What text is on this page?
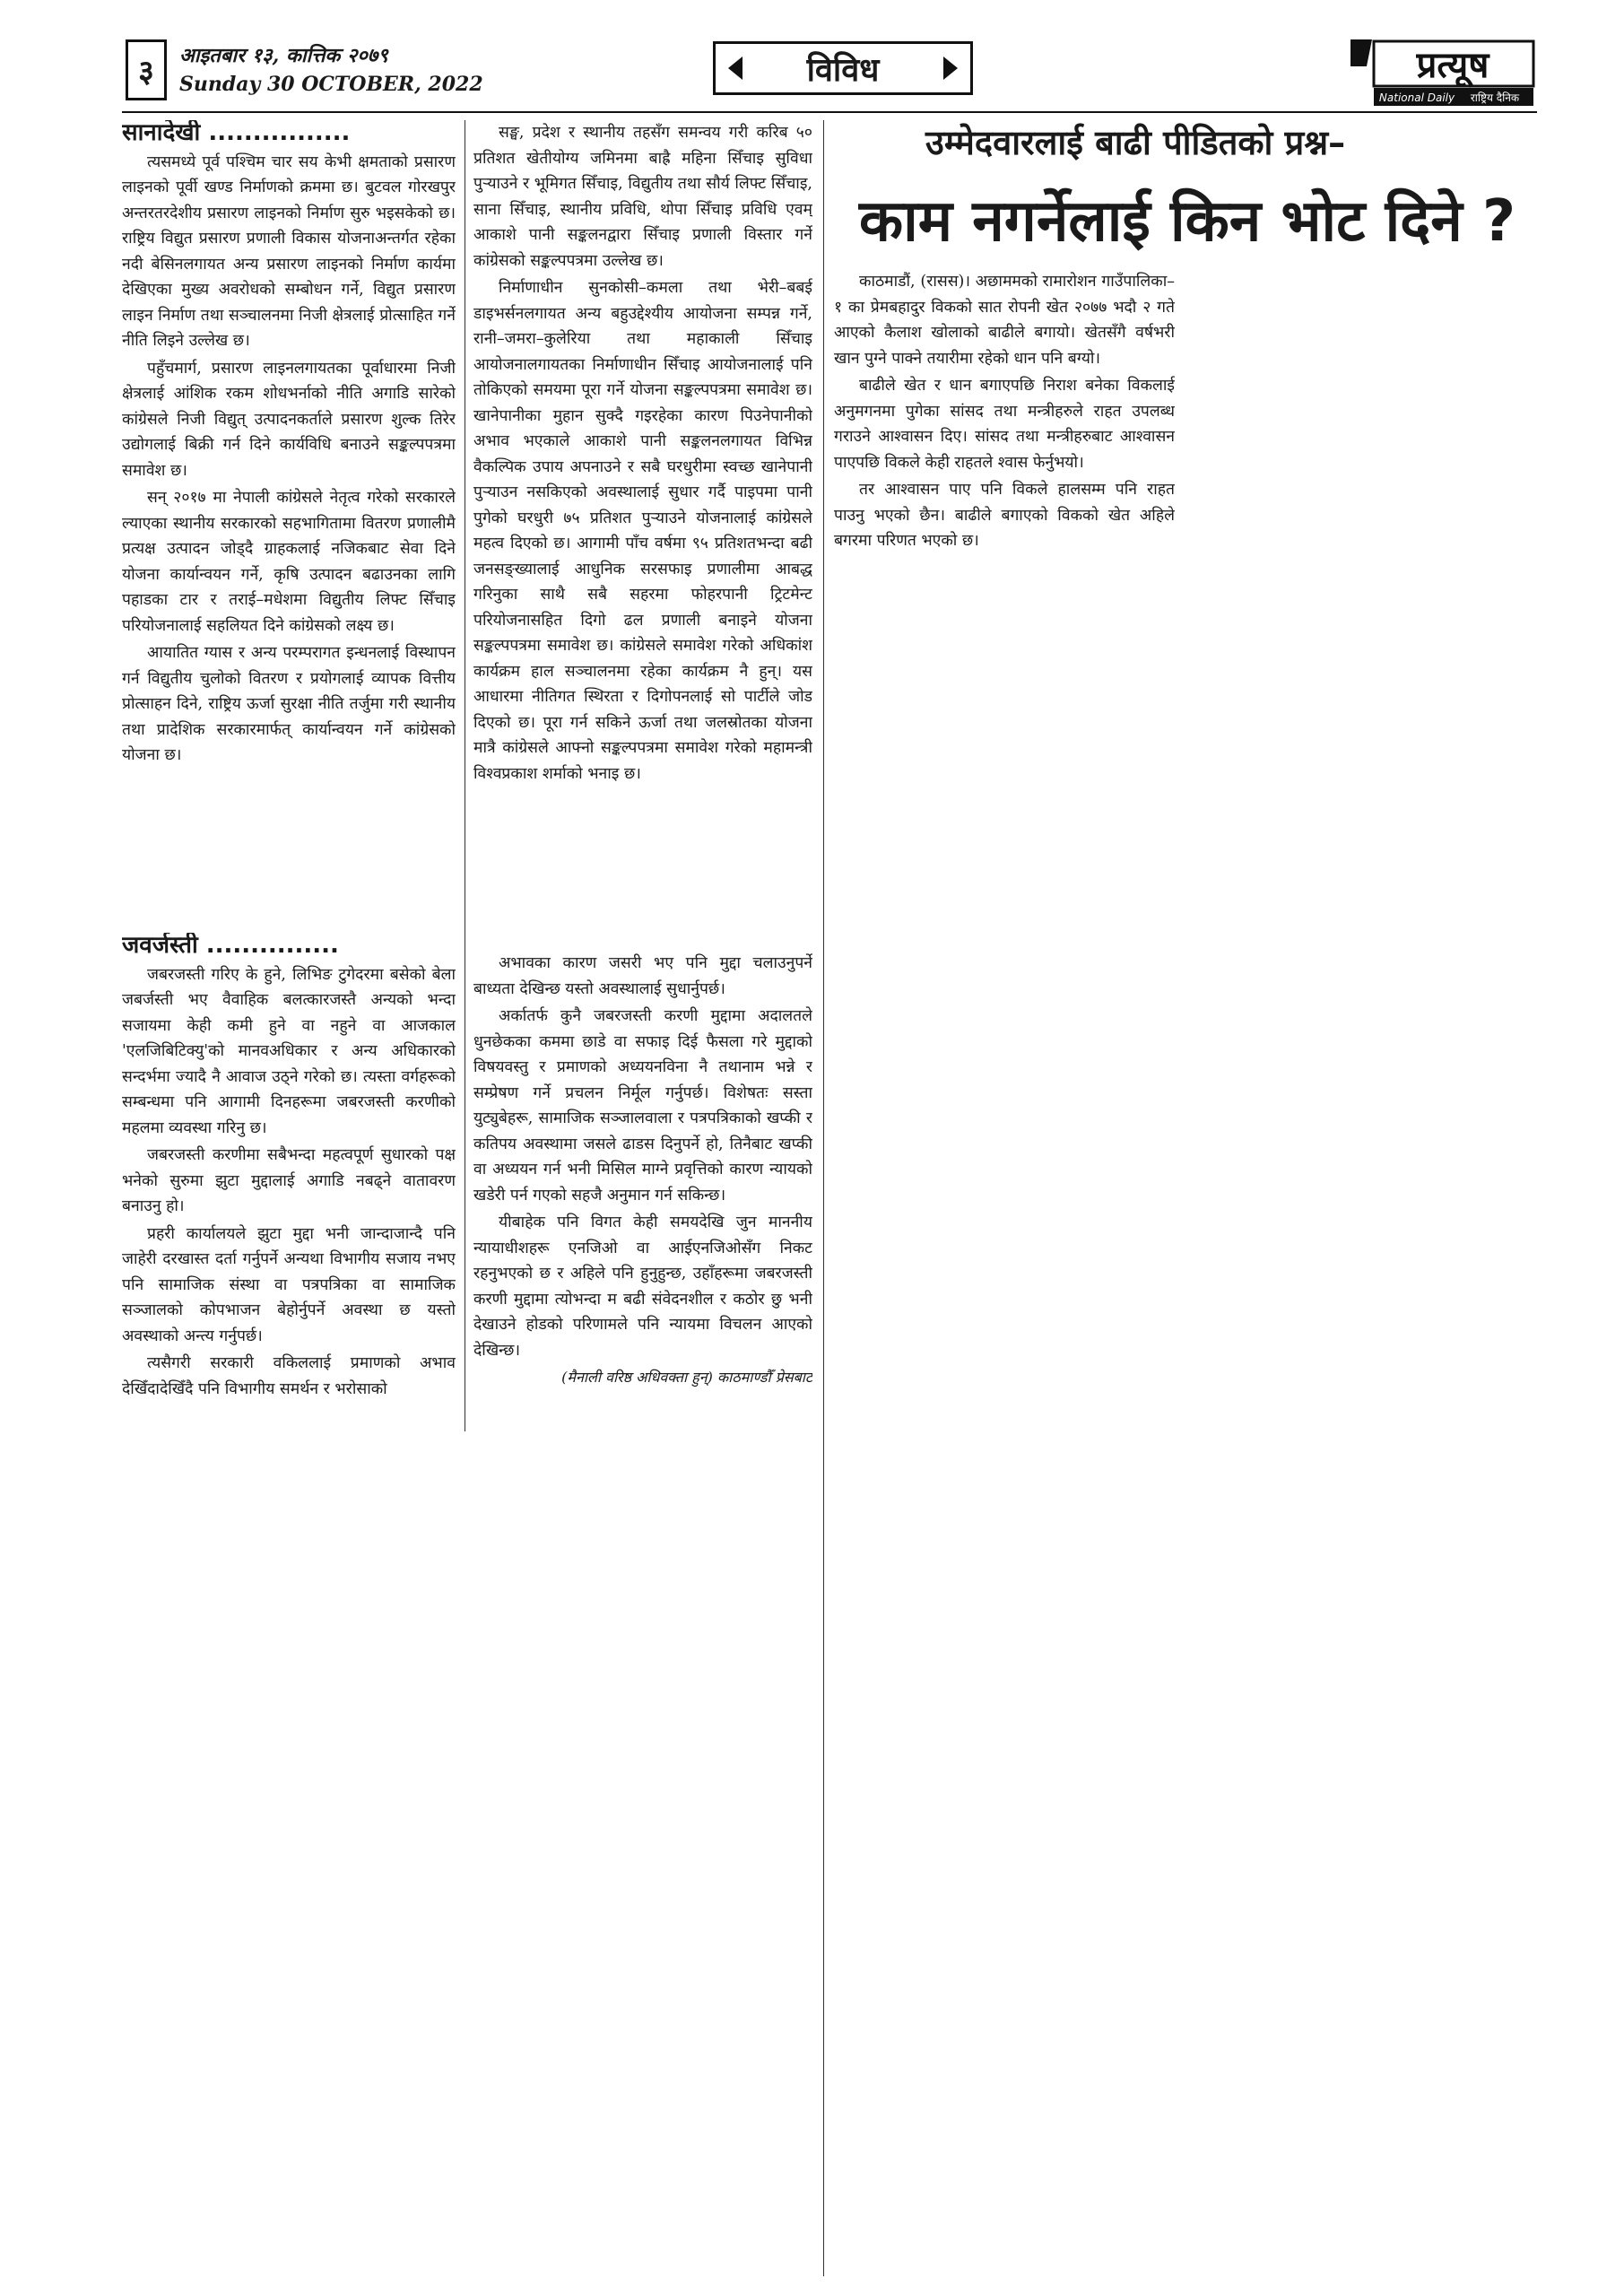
३	आइतबार १३, कात्तिक २०७९
Sunday 30 OCTOBER, 2022	विविध	प्रत्यूष
National Daily राष्ट्रिय दैनिक
सानादेखी ................

त्यसमध्ये पूर्व पश्चिम चार सय केभी क्षमताको प्रसारण लाइनको पूर्वी खण्ड निर्माणको क्रममा छ। बुटवल गोरखपुर अन्तरतरदेशीय प्रसारण लाइनको निर्माण सुरु भइसकेको छ। राष्ट्रिय विद्युत प्रसारण प्रणाली विकास योजनाअन्तर्गत रहेका नदी बेसिनलगायत अन्य प्रसारण लाइनको निर्माण कार्यमा देखिएका मुख्य अवरोधको सम्बोधन गर्ने, विद्युत प्रसारण लाइन निर्माण तथा सञ्चालनमा निजी क्षेत्रलाई प्रोत्साहित गर्ने नीति लिइने उल्लेख छ।

पहुँचमार्ग, प्रसारण लाइनलगायतका पूर्वाधारमा निजी क्षेत्रलाई आंशिक रकम शोधभर्नाको नीति अगाडि सारेको कांग्रेसले निजी विद्युत् उत्पादनकर्ताले प्रसारण शुल्क तिरेर उद्योगलाई बिक्री गर्न दिने कार्यविधि बनाउने सङ्कल्पपत्रमा समावेश छ।

सन् २०१७ मा नेपाली कांग्रेसले नेतृत्व गरेको सरकारले ल्याएका स्थानीय सरकारको सहभागितामा वितरण प्रणालीमै प्रत्यक्ष उत्पादन जोड्दै ग्राहकलाई नजिकबाट सेवा दिने योजना कार्यान्वयन गर्ने, कृषि उत्पादन बढाउनका लागि पहाडका टार र तराई–मधेशमा विद्युतीय लिफ्ट सिँचाइ परियोजनालाई सहलियत दिने कांग्रेसको लक्ष्य छ।

आयातित ग्यास र अन्य परम्परागत इन्धनलाई विस्थापन गर्न विद्युतीय चुलोको वितरण र प्रयोगलाई व्यापक वित्तीय प्रोत्साहन दिने, राष्ट्रिय ऊर्जा सुरक्षा नीति तर्जुमा गरी स्थानीय तथा प्रादेशिक सरकारमार्फत् कार्यान्वयन गर्ने कांग्रेसको योजना छ।

सङ्घ, प्रदेश र स्थानीय तहसँग समन्वय गरी करिब ५० प्रतिशत खेतीयोग्य जमिनमा बाह्रै महिना सिँचाइ सुविधा पुऱ्याउने र भूमिगत सिँचाइ, विद्युतीय तथा सौर्य लिफ्ट सिँचाइ, साना सिँचाइ, स्थानीय प्रविधि, थोपा सिँचाइ प्रविधि एवम् आकाशे पानी सङ्कलनद्वारा सिँचाइ प्रणाली विस्तार गर्ने कांग्रेसको सङ्कल्पपत्रमा उल्लेख छ।

निर्माणाधीन सुनकोसी–कमला तथा भेरी–बबई डाइभर्सनलगायत अन्य बहुउद्देश्यीय आयोजना सम्पन्न गर्ने, रानी–जमरा–कुलेरिया तथा महाकाली सिँचाइ आयोजनालगायतका निर्माणाधीन सिँचाइ आयोजनालाई पनि तोकिएको समयमा पूरा गर्ने योजना सङ्कल्पपत्रमा समावेश छ। खानेपानीका मुहान सुक्दै गइरहेका कारण पिउनेपानीको अभाव भएकाले आकाशे पानी सङ्कलनलगायत विभिन्न वैकल्पिक उपाय अपनाउने र सबै घरधुरीमा स्वच्छ खानेपानी पुऱ्याउन नसकिएको अवस्थालाई सुधार गर्दै पाइपमा पानी पुगेको घरधुरी ७५ प्रतिशत पुऱ्याउने योजनालाई कांग्रेसले महत्व दिएको छ। आगामी पाँच वर्षमा ९५ प्रतिशतभन्दा बढी जनसङ्ख्यालाई आधुनिक सरसफाइ प्रणालीमा आबद्ध गरिनुका साथै सबै सहरमा फोहरपानी ट्रिटमेन्ट परियोजनासहित दिगो ढल प्रणाली बनाइने योजना सङ्कल्पपत्रमा समावेश छ। कांग्रेसले समावेश गरेको अधिकांश कार्यक्रम हाल सञ्चालनमा रहेका कार्यक्रम नै हुन्। यस आधारमा नीतिगत स्थिरता र दिगोपनलाई सो पार्टीले जोड दिएको छ। पूरा गर्न सकिने ऊर्जा तथा जलस्रोतका योजना मात्रै कांग्रेसले आफ्नो सङ्कल्पपत्रमा समावेश गरेको महामन्त्री विश्वप्रकाश शर्माको भनाइ छ।

जवर्जस्ती ...............

जबरजस्ती गरिए के हुने, लिभिङ टुगेदरमा बसेको बेला जबर्जस्ती भए वैवाहिक बलत्कारजस्तै अन्यको भन्दा सजायमा केही कमी हुने वा नहुने वा आजकाल 'एलजिबिटिक्यु'को मानवअधिकार र अन्य अधिकारको सन्दर्भमा ज्यादै नै आवाज उठ्ने गरेको छ। त्यस्ता वर्गहरूको सम्बन्धमा पनि आगामी दिनहरूमा जबरजस्ती करणीको महलमा व्यवस्था गरिनु छ।

जबरजस्ती करणीमा सबैभन्दा महत्वपूर्ण सुधारको पक्ष भनेको सुरुमा झुटा मुद्दालाई अगाडि नबढ्ने वातावरण बनाउनु हो।

प्रहरी कार्यालयले झुटा मुद्दा भनी जान्दाजान्दै पनि जाहेरी दरखास्त दर्ता गर्नुपर्ने अन्यथा विभागीय सजाय नभए पनि सामाजिक संस्था वा पत्रपत्रिका वा सामाजिक सञ्जालको कोपभाजन बेहोर्नुपर्ने अवस्था छ यस्तो अवस्थाको अन्त्य गर्नुपर्छ।

त्यसैगरी सरकारी वकिललाई प्रमाणको अभाव देखिँदादेखिँदै पनि विभागीय समर्थन र भरोसाको

अभावका कारण जसरी भए पनि मुद्दा चलाउनुपर्ने बाध्यता देखिन्छ यस्तो अवस्थालाई सुधार्नुपर्छ।

अर्कातर्फ कुनै जबरजस्ती करणी मुद्दामा अदालतले धुनछेकका कममा छाडे वा सफाइ दिई फैसला गरे मुद्दाको विषयवस्तु र प्रमाणको अध्ययनविना नै तथानाम भन्ने र सम्प्रेषण गर्ने प्रचलन निर्मूल गर्नुपर्छ। विशेषतः सस्ता युट्युबेहरू, सामाजिक सञ्जालवाला र पत्रपत्रिकाको खप्की र कतिपय अवस्थामा जसले ढाडस दिनुपर्ने हो, तिनैबाट खप्की वा अध्ययन गर्न भनी मिसिल माग्ने प्रवृत्तिको कारण न्यायको खडेरी पर्न गएको सहजै अनुमान गर्न सकिन्छ।

यीबाहेक पनि विगत केही समयदेखि जुन माननीय न्यायाधीशहरू एनजिओ वा आईएनजिओसँग निकट रहनुभएको छ र अहिले पनि हुनुहुन्छ, उहाँहरूमा जबरजस्ती करणी मुद्दामा त्योभन्दा म बढी संवेदनशील र कठोर छु भनी देखाउने होडको परिणामले पनि न्यायमा विचलन आएको देखिन्छ।

(मैनाली वरिष्ठ अधिवक्ता हुन्) काठमाण्डौँ प्रेसबाट
उम्मेदवारलाई बाढी पीडितको प्रश्न–
काम नगर्नेलाई किन भोट दिने ?

काठमाडौं, (रासस)। अछाममको रामारोशन गाउँपालिका–१ का प्रेमबहादुर विकको सात रोपनी खेत २०७७ भदौ २ गते आएको कैलाश खोलाको बाढीले बगायो। खेतसँगै वर्षभरी खान पुग्ने पाक्ने तयारीमा रहेको धान पनि बग्यो।

बाढीले खेत र धान बगाएपछि निराश बनेका विकलाई अनुमगनमा पुगेका सांसद तथा मन्त्रीहरुले राहत उपलब्ध गराउने आश्वासन दिए। सांसद तथा मन्त्रीहरुबाट आश्वासन पाएपछि विकले केही राहतले श्वास फेर्नुभयो।

तर आश्वासन पाए पनि विकले हालसम्म पनि राहत पाउनु भएको छैन। बाढीले बगाएको विकको खेत अहिले बगरमा परिणत भएको छ।
